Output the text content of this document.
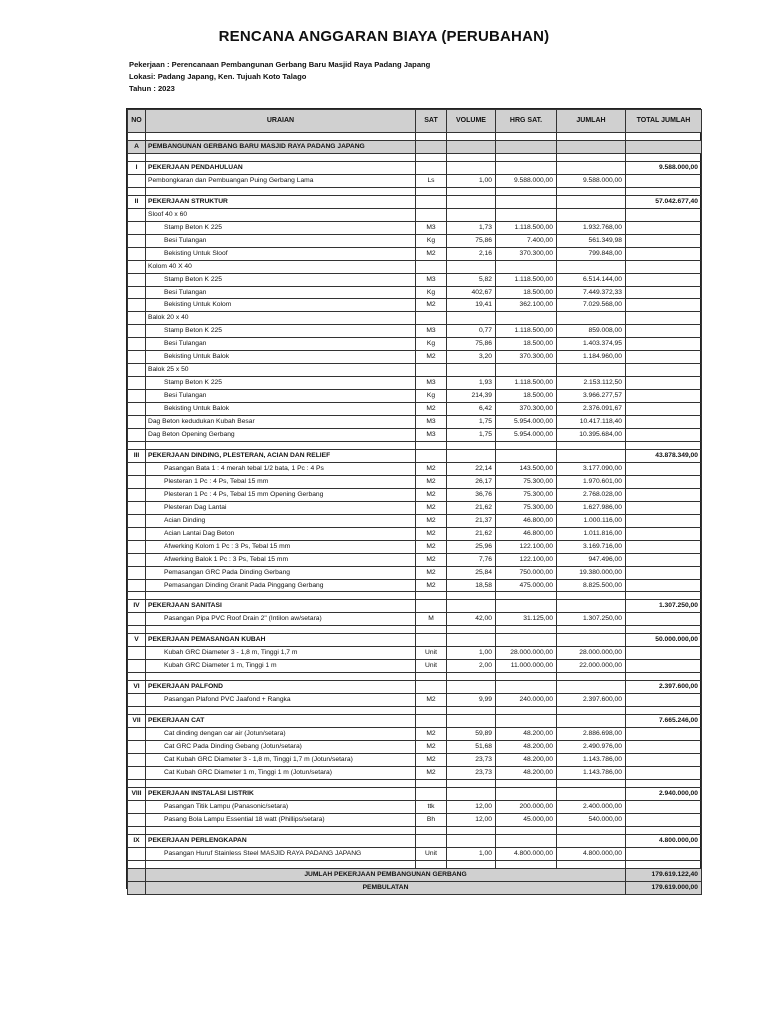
RENCANA ANGGARAN BIAYA (PERUBAHAN)
Pekerjaan : Perencanaan Pembangunan Gerbang Baru Masjid Raya Padang Japang
Lokasi: Padang Japang, Ken. Tujuah Koto Talago
Tahun : 2023
NO	URAIAN	SAT	VOLUME	HRG SAT.	JUMLAH	TOTAL JUMLAH

A	PEMBANGUNAN GERBANG BARU MASJID RAYA PADANG JAPANG					

I	PEKERJAAN PENDAHULUAN					9.588.000,00
	Pembongkaran dan Pembuangan Puing Gerbang Lama	Ls	1,00	9.588.000,00	9.588.000,00	

II	PEKERJAAN STRUKTUR					57.042.677,40
	Sloof 40 x 60					
	Stamp Beton K 225	M3	1,73	1.118.500,00	1.932.768,00	
	Besi Tulangan	Kg	75,86	7.400,00	561.349,98	
	Bekisting Untuk Sloof	M2	2,16	370.300,00	799.848,00	
	Kolom 40 X 40					
	Stamp Beton K 225	M3	5,82	1.118.500,00	6.514.144,00	
	Besi Tulangan	Kg	402,67	18.500,00	7.449.372,33	
	Bekisting Untuk Kolom	M2	19,41	362.100,00	7.029.568,00	
	Balok 20 x 40					
	Stamp Beton K 225	M3	0,77	1.118.500,00	859.008,00	
	Besi Tulangan	Kg	75,86	18.500,00	1.403.374,95	
	Bekisting Untuk Balok	M2	3,20	370.300,00	1.184.960,00	
	Balok 25 x 50					
	Stamp Beton K 225	M3	1,93	1.118.500,00	2.153.112,50	
	Besi Tulangan	Kg	214,39	18.500,00	3.966.277,57	
	Bekisting Untuk Balok	M2	6,42	370.300,00	2.376.091,67	
	Dag Beton kedudukan Kubah Besar	M3	1,75	5.954.000,00	10.417.118,40	
	Dag Beton Opening Gerbang	M3	1,75	5.954.000,00	10.395.684,00	

III	PEKERJAAN DINDING, PLESTERAN, ACIAN DAN RELIEF					43.878.349,00
	Pasangan Bata 1 : 4 merah tebal 1/2 bata, 1 Pc : 4 Ps	M2	22,14	143.500,00	3.177.090,00	
	Plesteran 1 Pc : 4 Ps, Tebal 15 mm	M2	26,17	75.300,00	1.970.601,00	
	Plesteran 1 Pc : 4 Ps, Tebal 15 mm Opening Gerbang	M2	36,76	75.300,00	2.768.028,00	
	Plesteran Dag Lantai	M2	21,62	75.300,00	1.627.986,00	
	Acian Dinding	M2	21,37	46.800,00	1.000.116,00	
	Acian Lantai Dag Beton	M2	21,62	46.800,00	1.011.816,00	
	Afwerking Kolom 1 Pc : 3 Ps, Tebal 15 mm	M2	25,96	122.100,00	3.169.716,00	
	Afwerking Balok 1 Pc : 3 Ps, Tebal 15 mm	M2	7,76	122.100,00	947.496,00	
	Pemasangan GRC Pada Dinding Gerbang	M2	25,84	750.000,00	19.380.000,00	
	Pemasangan Dinding Granit Pada Pinggang Gerbang	M2	18,58	475.000,00	8.825.500,00	

IV	PEKERJAAN SANITASI					1.307.250,00
	Pasangan Pipa PVC Roof Drain 2" (Intilon aw/setara)	M	42,00	31.125,00	1.307.250,00	

V	PEKERJAAN PEMASANGAN KUBAH					50.000.000,00
	Kubah GRC Diameter 3 - 1,8 m, Tinggi 1,7 m	Unit	1,00	28.000.000,00	28.000.000,00	
	Kubah GRC Diameter 1 m, Tinggi 1 m	Unit	2,00	11.000.000,00	22.000.000,00	

VI	PEKERJAAN PALFOND					2.397.600,00
	Pasangan Plafond PVC Jaafond + Rangka	M2	9,99	240.000,00	2.397.600,00	

VII	PEKERJAAN CAT					7.665.246,00
	Cat dinding dengan car air (Jotun/setara)	M2	59,89	48.200,00	2.886.698,00	
	Cat GRC Pada Dinding Gebang (Jotun/setara)	M2	51,68	48.200,00	2.490.976,00	
	Cat Kubah GRC Diameter 3 - 1,8 m, Tinggi 1,7 m (Jotun/setara)	M2	23,73	48.200,00	1.143.786,00	
	Cat Kubah GRC Diameter 1 m, Tinggi 1 m (Jotun/setara)	M2	23,73	48.200,00	1.143.786,00	

VIII	PEKERJAAN INSTALASI LISTRIK					2.940.000,00
	Pasangan Titik Lampu (Panasonic/setara)	ttk	12,00	200.000,00	2.400.000,00	
	Pasang Bola Lampu Essential 18 watt (Phillips/setara)	Bh	12,00	45.000,00	540.000,00	

IX	PEKERJAAN PERLENGKAPAN					4.800.000,00
	Pasangan Huruf Stainless Steel MASJID RAYA PADANG JAPANG	Unit	1,00	4.800.000,00	4.800.000,00	

	JUMLAH PEKERJAAN PEMBANGUNAN GERBANG					179.619.122,40
	PEMBULATAN					179.619.000,00
